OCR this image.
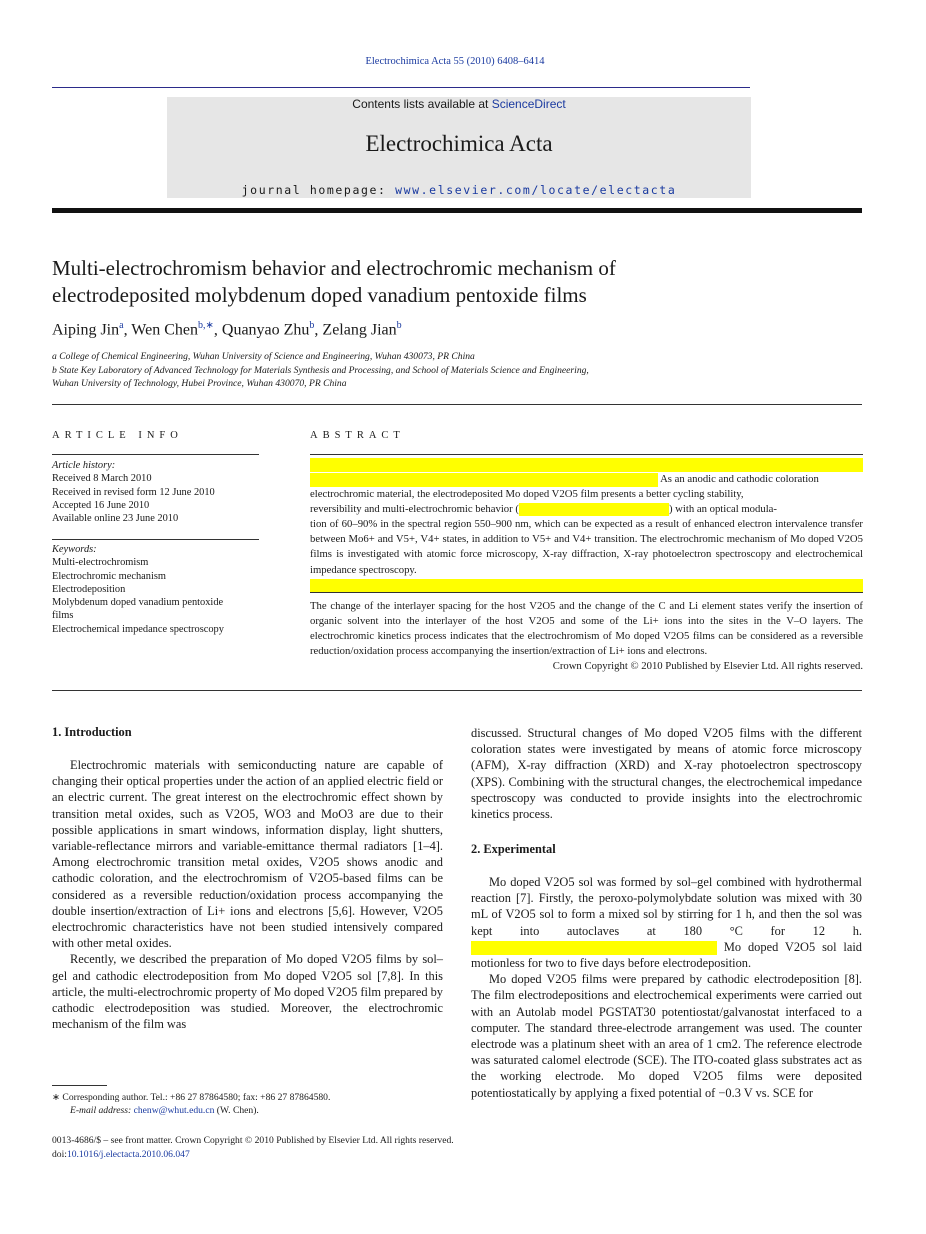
Electrochimica Acta 55 (2010) 6408–6414
Contents lists available at ScienceDirect
Electrochimica Acta
journal homepage: www.elsevier.com/locate/electacta
Multi-electrochromism behavior and electrochromic mechanism of
electrodeposited molybdenum doped vanadium pentoxide films
Aiping Jin$^a$, Wen Chen$^{b,∗}$, Quanyao Zhu$^b$, Zelang Jian$^b$
a College of Chemical Engineering, Wuhan University of Science and Engineering, Wuhan 430073, PR China
b State Key Laboratory of Advanced Technology for Materials Synthesis and Processing, and School of Materials Science and Engineering,
Wuhan University of Technology, Hubei Province, Wuhan 430070, PR China
ARTICLE INFO
Article history:
Received 8 March 2010
Received in revised form 12 June 2010
Accepted 16 June 2010
Available online 23 June 2010
Keywords:
Multi-electrochromism
Electrochromic mechanism
Electrodeposition
Molybdenum doped vanadium pentoxide
films
Electrochemical impedance spectroscopy
ABSTRACT

As an anodic and cathodic coloration

electrochromic material, the electrodeposited Mo doped V2O5 film presents a better cycling stability,

reversibility and multi-electrochromic behavior (	) with an optical modula-

tion of 60–90% in the spectral region 550–900 nm, which can be expected as a result of enhanced electron intervalence transfer between Mo6+ and V5+, V4+ states, in addition to V5+ and V4+ transition. The electrochromic mechanism of Mo doped V2O5 films is investigated with atomic force microscopy, X-ray diffraction, X-ray photoelectron spectroscopy and electrochemical impedance spectroscopy.

The change of the interlayer spacing for the host V2O5 and the change of the C and Li element states verify the insertion of organic solvent into the interlayer of the host V2O5 and some of the Li+ ions into the sites in the V–O layers. The electrochromic kinetics process indicates that the electrochromism of Mo doped V2O5 films can be considered as a reversible reduction/oxidation process accompanying the insertion/extraction of Li+ ions and electrons.

Crown Copyright © 2010 Published by Elsevier Ltd. All rights reserved.

1. Introduction

Electrochromic materials with semiconducting nature are capable of changing their optical properties under the action of an applied electric field or an electric current. The great interest on the electrochromic effect shown by transition metal oxides, such as V2O5, WO3 and MoO3 are due to their possible applications in smart windows, information display, light shutters, variable-reflectance mirrors and variable-emittance thermal radiators [1–4]. Among electrochromic transition metal oxides, V2O5 shows anodic and cathodic coloration, and the electrochromism of V2O5-based films can be considered as a reversible reduction/oxidation process accompanying the double insertion/extraction of Li+ ions and electrons [5,6]. However, V2O5 electrochromic characteristics have not been studied intensively compared with other metal oxides.

Recently, we described the preparation of Mo doped V2O5 films by sol–gel and cathodic electrodeposition from Mo doped V2O5 sol [7,8]. In this article, the multi-electrochromic property of Mo doped V2O5 film prepared by cathodic electrodeposition was studied. Moreover, the electrochromic mechanism of the film was

discussed. Structural changes of Mo doped V2O5 films with the different coloration states were investigated by means of atomic force microscopy (AFM), X-ray diffraction (XRD) and X-ray photoelectron spectroscopy (XPS). Combining with the structural changes, the electrochemical impedance spectroscopy was conducted to provide insights into the electrochromic kinetics process.

2. Experimental

Mo doped V2O5 sol was formed by sol–gel combined with hydrothermal reaction [7]. Firstly, the peroxo-polymolybdate solution was mixed with 30 mL of V2O5 sol to form a mixed sol by stirring for 1 h, and then the sol was kept into autoclaves at 180 °C for 12 h.  Mo doped V2O5 sol laid motionless for two to five days before electrodeposition.

Mo doped V2O5 films were prepared by cathodic electrodeposition [8]. The film electrodepositions and electrochemical experiments were carried out with an Autolab model PGSTAT30 potentiostat/galvanostat interfaced to a computer. The standard three-electrode arrangement was used. The counter electrode was a platinum sheet with an area of 1 cm2. The reference electrode was saturated calomel electrode (SCE). The ITO-coated glass substrates act as the working electrode. Mo doped V2O5 films were deposited potentiostatically by applying a fixed potential of −0.3 V vs. SCE for

∗ Corresponding author. Tel.: +86 27 87864580; fax: +86 27 87864580.
E-mail address: chenw@whut.edu.cn (W. Chen).
0013-4686/$ – see front matter. Crown Copyright © 2010 Published by Elsevier Ltd. All rights reserved.
doi:10.1016/j.electacta.2010.06.047
